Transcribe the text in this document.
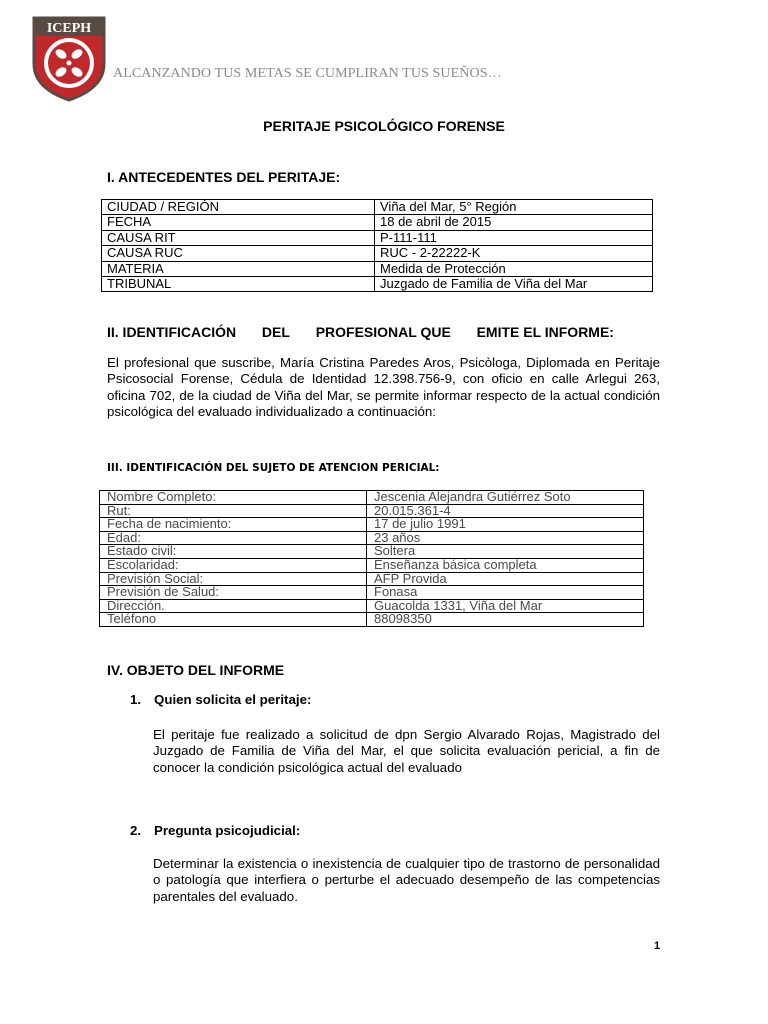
ICEPH
ALCANZANDO TUS METAS SE CUMPLIRAN TUS SUEÑOS…
PERITAJE PSICOLÓGICO FORENSE
I. ANTECEDENTES DEL PERITAJE:
CIUDAD / REGIÓN	Viña del Mar, 5° Región
FECHA	18 de abril de 2015
CAUSA RIT	P-111-111
CAUSA RUC	RUC - 2-22222-K
MATERIA	Medida de Protección
TRIBUNAL	Juzgado de Familia de Viña del Mar
II. IDENTIFICACIÓN DEL PROFESIONAL QUE EMITE EL INFORME:
El profesional que suscribe, María Cristina Paredes Aros, Psicòloga, Diplomada en Peritaje Psicosocial Forense, Cédula de Identidad 12.398.756-9, con oficio en calle Arlegui 263, oficina 702, de la ciudad de Viña del Mar, se permite informar respecto de la actual condición psicológica del evaluado individualizado a continuación:
III. IDENTIFICACIÓN DEL SUJETO DE ATENCION PERICIAL:
Nombre Completo:	Jescenia Alejandra Gutiérrez Soto
Rut:	20.015.361-4
Fecha de nacimiento:	17 de julio 1991
Edad:	23 años
Estado civil:	Soltera
Escolaridad:	Enseñanza básica completa
Previsión Social:	AFP Provida
Previsión de Salud:	Fonasa
Dirección.	Guacolda 1331, Viña del Mar
Teléfono	88098350
IV. OBJETO DEL INFORME
1. Quien solicita el peritaje:
El peritaje fue realizado a solicitud de dpn Sergio Alvarado Rojas, Magistrado del Juzgado de Familia de Viña del Mar, el que solicita evaluación pericial, a fin de conocer la condición psicológica actual del evaluado
2. Pregunta psicojudicial:
Determinar la existencia o inexistencia de cualquier tipo de trastorno de personalidad o patología que interfiera o perturbe el adecuado desempeño de las competencias parentales del evaluado.
1
